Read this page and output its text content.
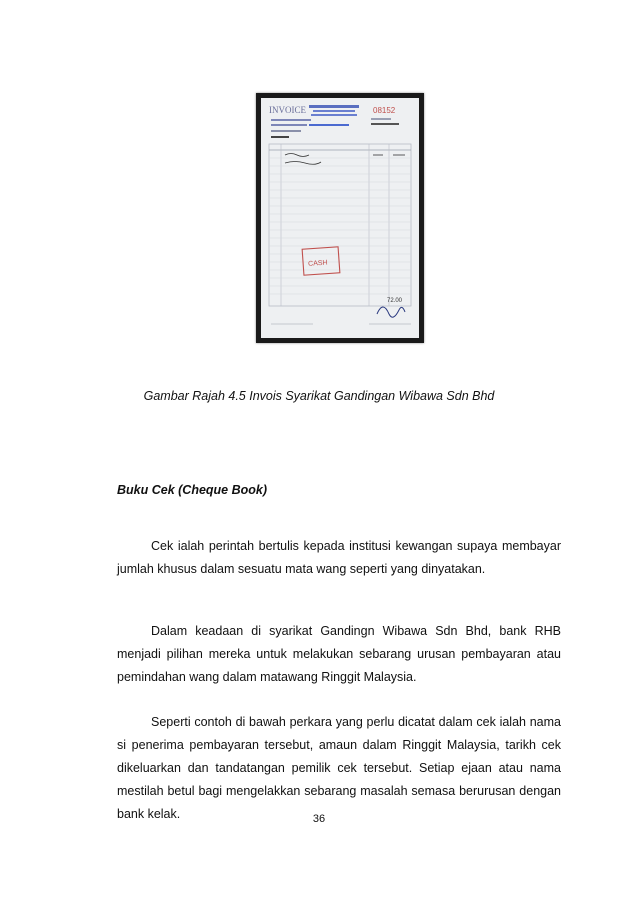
INVOICE	08152
CASH
72.00
Gambar Rajah 4.5 Invois Syarikat Gandingan Wibawa Sdn Bhd
Buku Cek (Cheque Book)

Cek ialah perintah bertulis kepada institusi kewangan supaya membayar jumlah khusus dalam sesuatu mata wang seperti yang dinyatakan.

Dalam keadaan di syarikat Gandingn Wibawa Sdn Bhd, bank RHB menjadi pilihan mereka untuk melakukan sebarang urusan pembayaran atau pemindahan wang dalam matawang Ringgit Malaysia.

Seperti contoh di bawah perkara yang perlu dicatat dalam cek ialah nama si penerima pembayaran tersebut, amaun dalam Ringgit Malaysia, tarikh cek dikeluarkan dan tandatangan pemilik cek tersebut. Setiap ejaan atau nama mestilah betul bagi mengelakkan sebarang masalah semasa berurusan dengan bank kelak.	36
